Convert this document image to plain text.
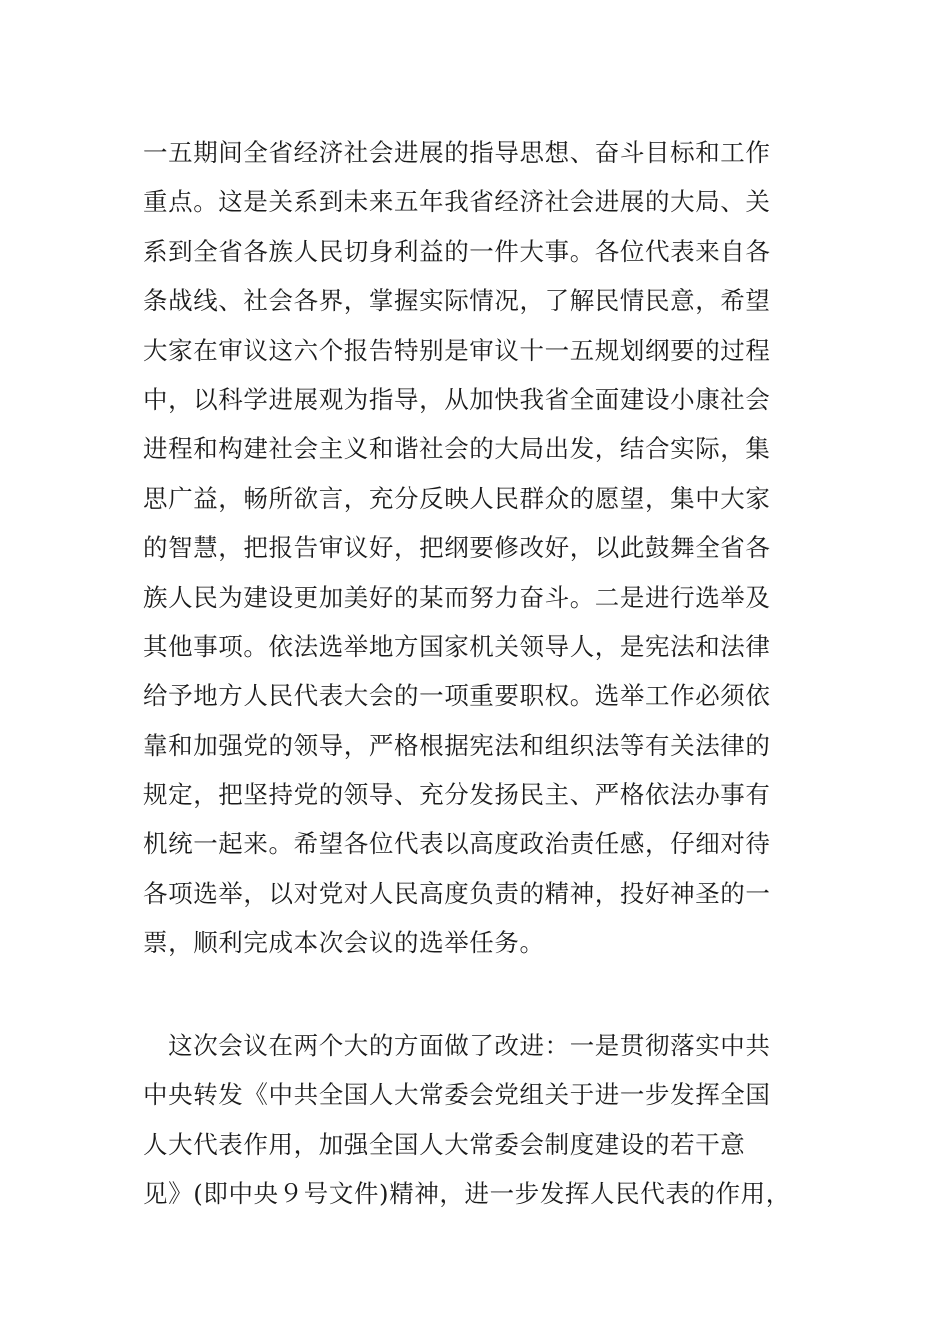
一五期间全省经济社会进展的指导思想、奋斗目标和工作
重点。这是关系到未来五年我省经济社会进展的大局、关
系到全省各族人民切身利益的一件大事。各位代表来自各
条战线、社会各界，掌握实际情况，了解民情民意，希望
大家在审议这六个报告特别是审议十一五规划纲要的过程
中，以科学进展观为指导，从加快我省全面建设小康社会
进程和构建社会主义和谐社会的大局出发，结合实际，集
思广益，畅所欲言，充分反映人民群众的愿望，集中大家
的智慧，把报告审议好，把纲要修改好，以此鼓舞全省各
族人民为建设更加美好的某而努力奋斗。二是进行选举及
其他事项。依法选举地方国家机关领导人，是宪法和法律
给予地方人民代表大会的一项重要职权。选举工作必须依
靠和加强党的领导，严格根据宪法和组织法等有关法律的
规定，把坚持党的领导、充分发扬民主、严格依法办事有
机统一起来。希望各位代表以高度政治责任感，仔细对待
各项选举，以对党对人民高度负责的精神，投好神圣的一
票，顺利完成本次会议的选举任务。
　这次会议在两个大的方面做了改进：一是贯彻落实中共
中央转发《中共全国人大常委会党组关于进一步发挥全国
人大代表作用，加强全国人大常委会制度建设的若干意
见》(即中央９号文件)精神，进一步发挥人民代表的作用，
